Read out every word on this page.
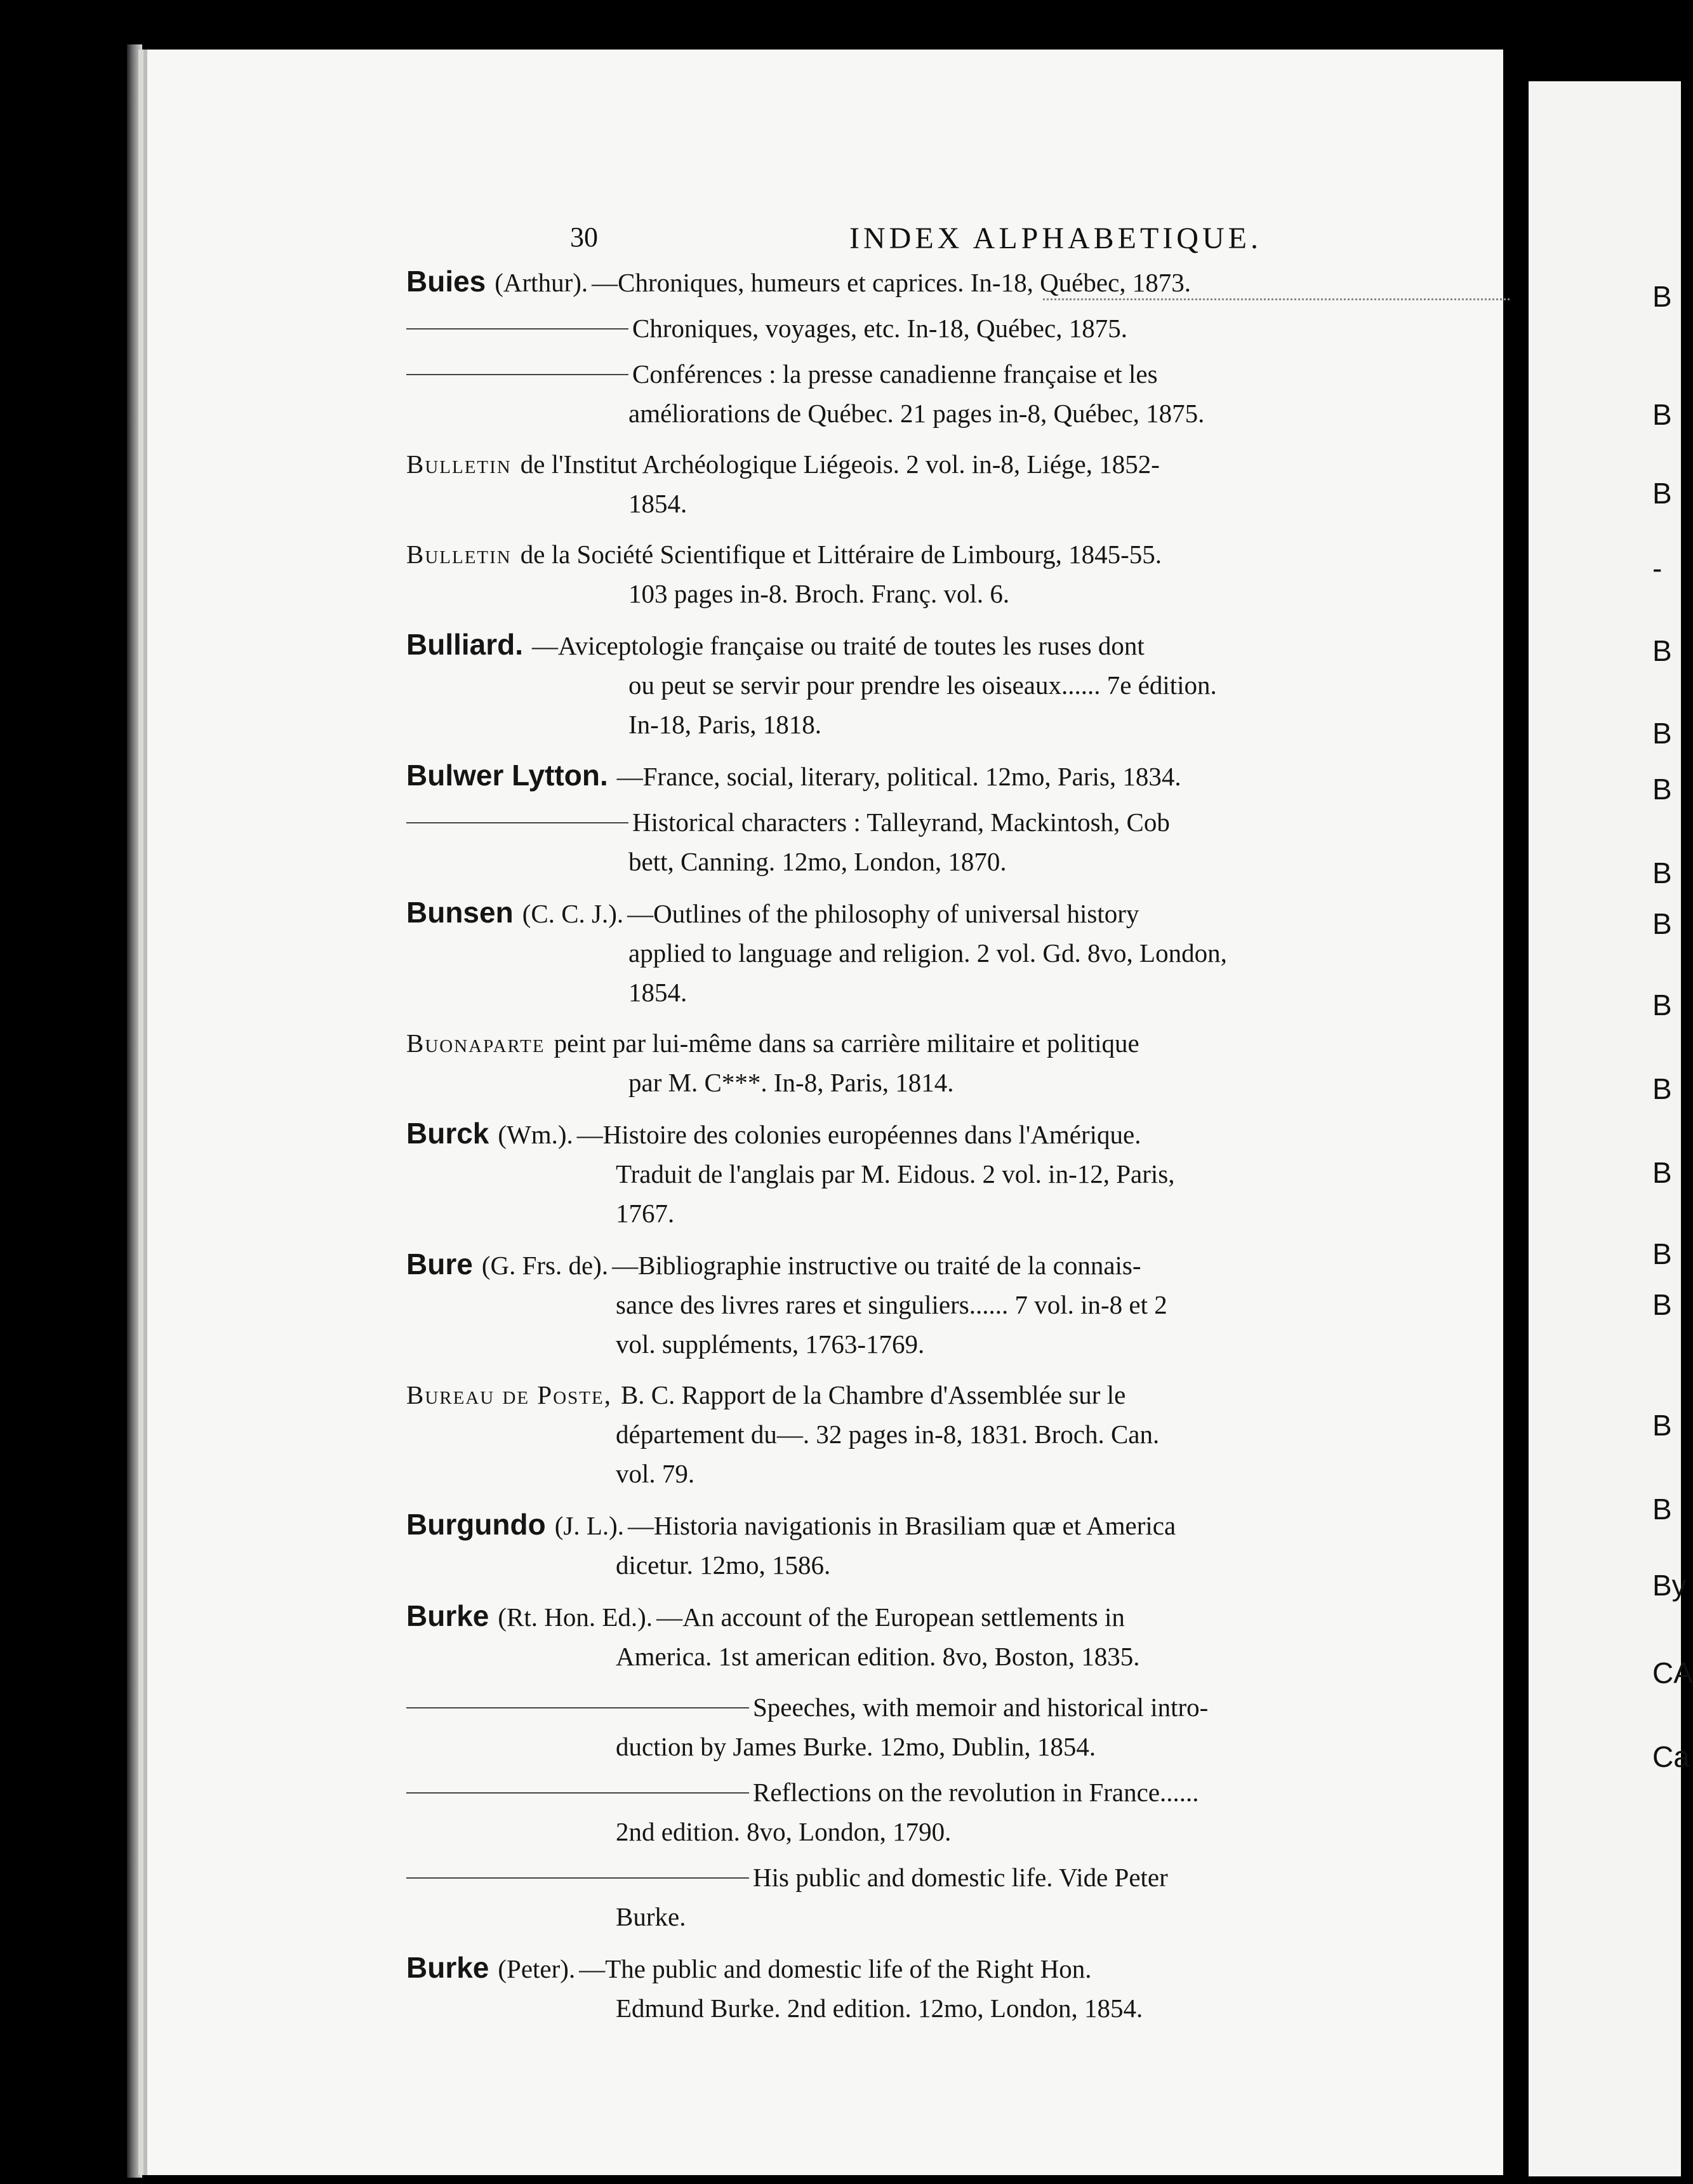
30	INDEX ALPHABETIQUE.
Buies (Arthur). —Chroniques, humeurs et caprices. In-18, Québec, 1873.
Chroniques, voyages, etc. In-18, Québec, 1875.
Conférences : la presse canadienne française et les
améliorations de Québec. 21 pages in-8, Québec, 1875.
Bulletin de l'Institut Archéologique Liégeois. 2 vol. in-8, Liége, 1852-
1854.
Bulletin de la Société Scientifique et Littéraire de Limbourg, 1845-55.
103 pages in-8. Broch. Franç. vol. 6.
Bulliard. —Aviceptologie française ou traité de toutes les ruses dont
ou peut se servir pour prendre les oiseaux...... 7e édition.
In-18, Paris, 1818.
Bulwer Lytton. —France, social, literary, political. 12mo, Paris, 1834.
Historical characters : Talleyrand, Mackintosh, Cob
bett, Canning. 12mo, London, 1870.
Bunsen (C. C. J.). —Outlines of the philosophy of universal history
applied to language and religion. 2 vol. Gd. 8vo, London,
1854.
Buonaparte peint par lui-même dans sa carrière militaire et politique
par M. C***. In-8, Paris, 1814.
Burck (Wm.). —Histoire des colonies européennes dans l'Amérique.
Traduit de l'anglais par M. Eidous. 2 vol. in-12, Paris,
1767.
Bure (G. Frs. de). —Bibliographie instructive ou traité de la connais-
sance des livres rares et singuliers...... 7 vol. in-8 et 2
vol. suppléments, 1763-1769.
Bureau de Poste, B. C. Rapport de la Chambre d'Assemblée sur le
département du—. 32 pages in-8, 1831. Broch. Can.
vol. 79.
Burgundo (J. L.). —Historia navigationis in Brasiliam quæ et America
dicetur. 12mo, 1586.
Burke (Rt. Hon. Ed.). —An account of the European settlements in
America. 1st american edition. 8vo, Boston, 1835.
Speeches, with memoir and historical intro-
duction by James Burke. 12mo, Dublin, 1854.
Reflections on the revolution in France......
2nd edition. 8vo, London, 1790.
His public and domestic life. Vide Peter
Burke.
Burke (Peter). —The public and domestic life of the Right Hon.
Edmund Burke. 2nd edition. 12mo, London, 1854.
B
B
B
-
B
B
B
B
B
B
B
B
B
B
B
B
By
CA
Ca
